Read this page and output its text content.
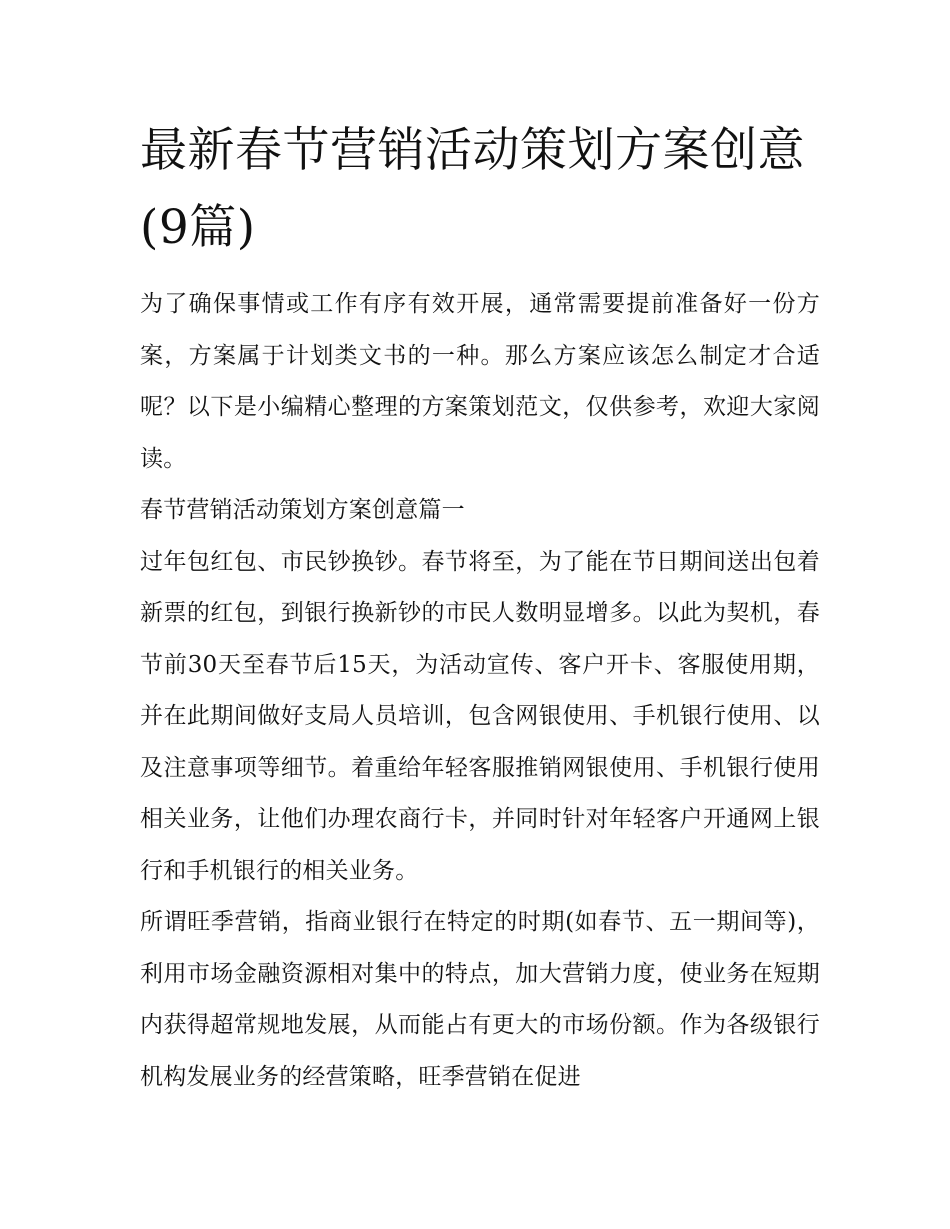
最新春节营销活动策划方案创意(9篇)

为了确保事情或工作有序有效开展，通常需要提前准备好一份方案，方案属于计划类文书的一种。那么方案应该怎么制定才合适呢？以下是小编精心整理的方案策划范文，仅供参考，欢迎大家阅读。

春节营销活动策划方案创意篇一

过年包红包、市民钞换钞。春节将至，为了能在节日期间送出包着新票的红包，到银行换新钞的市民人数明显增多。以此为契机，春节前30天至春节后15天，为活动宣传、客户开卡、客服使用期，并在此期间做好支局人员培训，包含网银使用、手机银行使用、以及注意事项等细节。着重给年轻客服推销网银使用、手机银行使用相关业务，让他们办理农商行卡，并同时针对年轻客户开通网上银行和手机银行的相关业务。

所谓旺季营销，指商业银行在特定的时期(如春节、五一期间等)，利用市场金融资源相对集中的特点，加大营销力度，使业务在短期内获得超常规地发展，从而能占有更大的市场份额。作为各级银行机构发展业务的经营策略，旺季营销在促进
